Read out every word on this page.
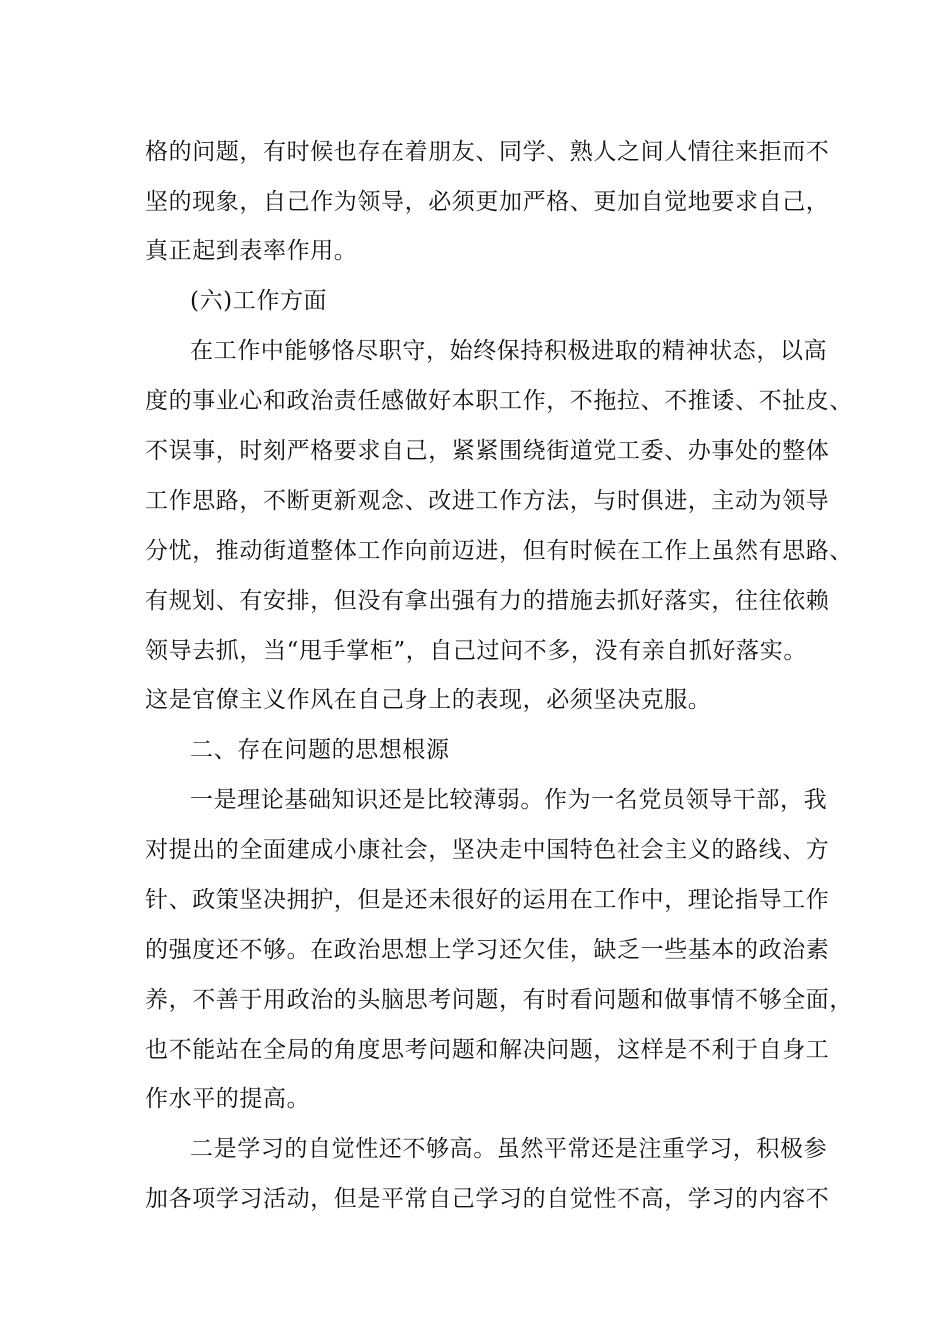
格的问题，有时候也存在着朋友、同学、熟人之间人情往来拒而不
坚的现象，自己作为领导，必须更加严格、更加自觉地要求自己，
真正起到表率作用。
(六)工作方面
在工作中能够恪尽职守，始终保持积极进取的精神状态，以高
度的事业心和政治责任感做好本职工作，不拖拉、不推诿、不扯皮、
不误事，时刻严格要求自己，紧紧围绕街道党工委、办事处的整体
工作思路，不断更新观念、改进工作方法，与时俱进，主动为领导
分忧，推动街道整体工作向前迈进，但有时候在工作上虽然有思路、
有规划、有安排，但没有拿出强有力的措施去抓好落实，往往依赖
领导去抓，当“甩手掌柜”，自己过问不多，没有亲自抓好落实。
这是官僚主义作风在自己身上的表现，必须坚决克服。
二、存在问题的思想根源
一是理论基础知识还是比较薄弱。作为一名党员领导干部，我
对提出的全面建成小康社会，坚决走中国特色社会主义的路线、方
针、政策坚决拥护，但是还未很好的运用在工作中，理论指导工作
的强度还不够。在政治思想上学习还欠佳，缺乏一些基本的政治素
养，不善于用政治的头脑思考问题，有时看问题和做事情不够全面，
也不能站在全局的角度思考问题和解决问题，这样是不利于自身工
作水平的提高。
二是学习的自觉性还不够高。虽然平常还是注重学习，积极参
加各项学习活动，但是平常自己学习的自觉性不高，学习的内容不
